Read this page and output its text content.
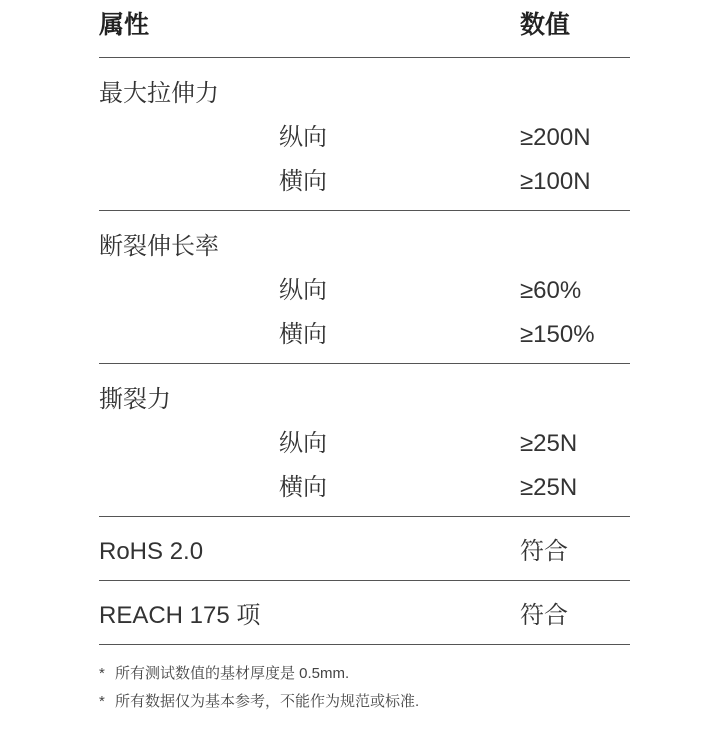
属性	数值
最大拉伸力
纵向	≥200N
横向	≥100N
断裂伸长率
纵向	≥60%
横向	≥150%
撕裂力
纵向	≥25N
横向	≥25N
RoHS 2.0	符合
REACH 175 项	符合
* 所有测试数值的基材厚度是 0.5mm.
* 所有数据仅为基本参考，不能作为规范或标准.
